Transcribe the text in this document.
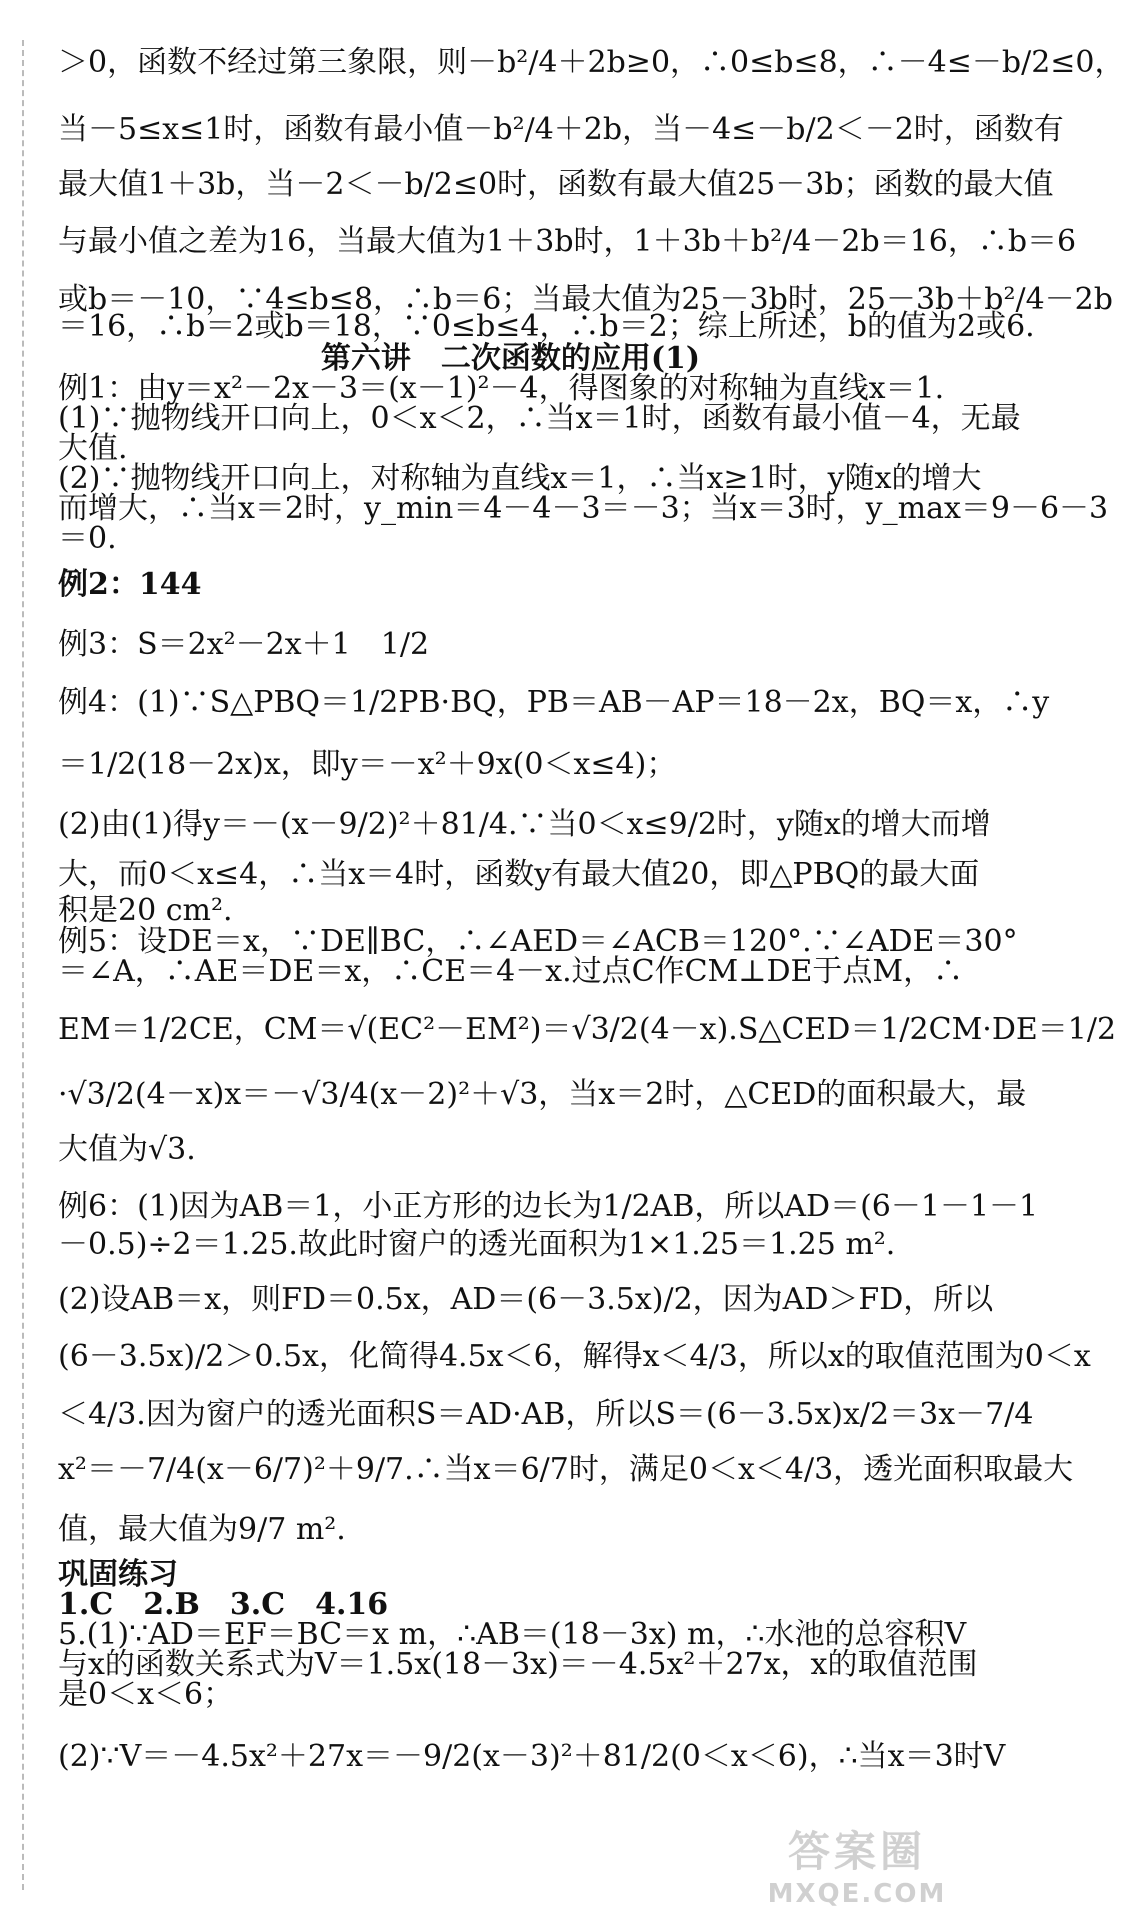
＞0，函数不经过第三象限，则－b²/4＋2b≥0，∴0≤b≤8，∴－4≤－b/2≤0，
当－5≤x≤1时，函数有最小值－b²/4＋2b，当－4≤－b/2＜－2时，函数有
最大值1＋3b，当－2＜－b/2≤0时，函数有最大值25－3b；函数的最大值
与最小值之差为16，当最大值为1＋3b时，1＋3b＋b²/4－2b＝16，∴b＝6
或b＝－10，∵4≤b≤8，∴b＝6；当最大值为25－3b时，25－3b＋b²/4－2b
＝16，∴b＝2或b＝18，∵0≤b≤4，∴b＝2；综上所述，b的值为2或6.
第六讲　二次函数的应用(1)
例1：由y＝x²－2x－3＝(x－1)²－4，得图象的对称轴为直线x＝1.
(1)∵抛物线开口向上，0＜x＜2，∴当x＝1时，函数有最小值－4，无最
大值.
(2)∵抛物线开口向上，对称轴为直线x＝1，∴当x≥1时，y随x的增大
而增大，∴当x＝2时，y_min＝4－4－3＝－3；当x＝3时，y_max＝9－6－3
＝0.
例2：144
例3：S＝2x²－2x＋1　1/2
例4：(1)∵S△PBQ＝1/2PB·BQ，PB＝AB－AP＝18－2x，BQ＝x，∴y
＝1/2(18－2x)x，即y＝－x²＋9x(0＜x≤4)；
(2)由(1)得y＝－(x－9/2)²＋81/4.∵当0＜x≤9/2时，y随x的增大而增
大，而0＜x≤4，∴当x＝4时，函数y有最大值20，即△PBQ的最大面
积是20 cm².
例5：设DE＝x，∵DE∥BC，∴∠AED＝∠ACB＝120°.∵∠ADE＝30°
＝∠A，∴AE＝DE＝x，∴CE＝4－x.过点C作CM⊥DE于点M，∴
EM＝1/2CE，CM＝√(EC²－EM²)＝√3/2(4－x).S△CED＝1/2CM·DE＝1/2
·√3/2(4－x)x＝－√3/4(x－2)²＋√3，当x＝2时，△CED的面积最大，最
大值为√3.
例6：(1)因为AB＝1，小正方形的边长为1/2AB，所以AD＝(6－1－1－1
－0.5)÷2＝1.25.故此时窗户的透光面积为1×1.25＝1.25 m².
(2)设AB＝x，则FD＝0.5x，AD＝(6－3.5x)/2，因为AD＞FD，所以
(6－3.5x)/2＞0.5x，化简得4.5x＜6，解得x＜4/3，所以x的取值范围为0＜x
＜4/3.因为窗户的透光面积S＝AD·AB，所以S＝(6－3.5x)x/2＝3x－7/4
x²＝－7/4(x－6/7)²＋9/7.∴当x＝6/7时，满足0＜x＜4/3，透光面积取最大
值，最大值为9/7 m².
巩固练习
1.C　2.B　3.C　4.16
5.(1)∵AD＝EF＝BC＝x m，∴AB＝(18－3x) m，∴水池的总容积V
与x的函数关系式为V＝1.5x(18－3x)＝－4.5x²＋27x，x的取值范围
是0＜x＜6；
(2)∵V＝－4.5x²＋27x＝－9/2(x－3)²＋81/2(0＜x＜6)，∴当x＝3时V
答案圈
MXQE.COM
